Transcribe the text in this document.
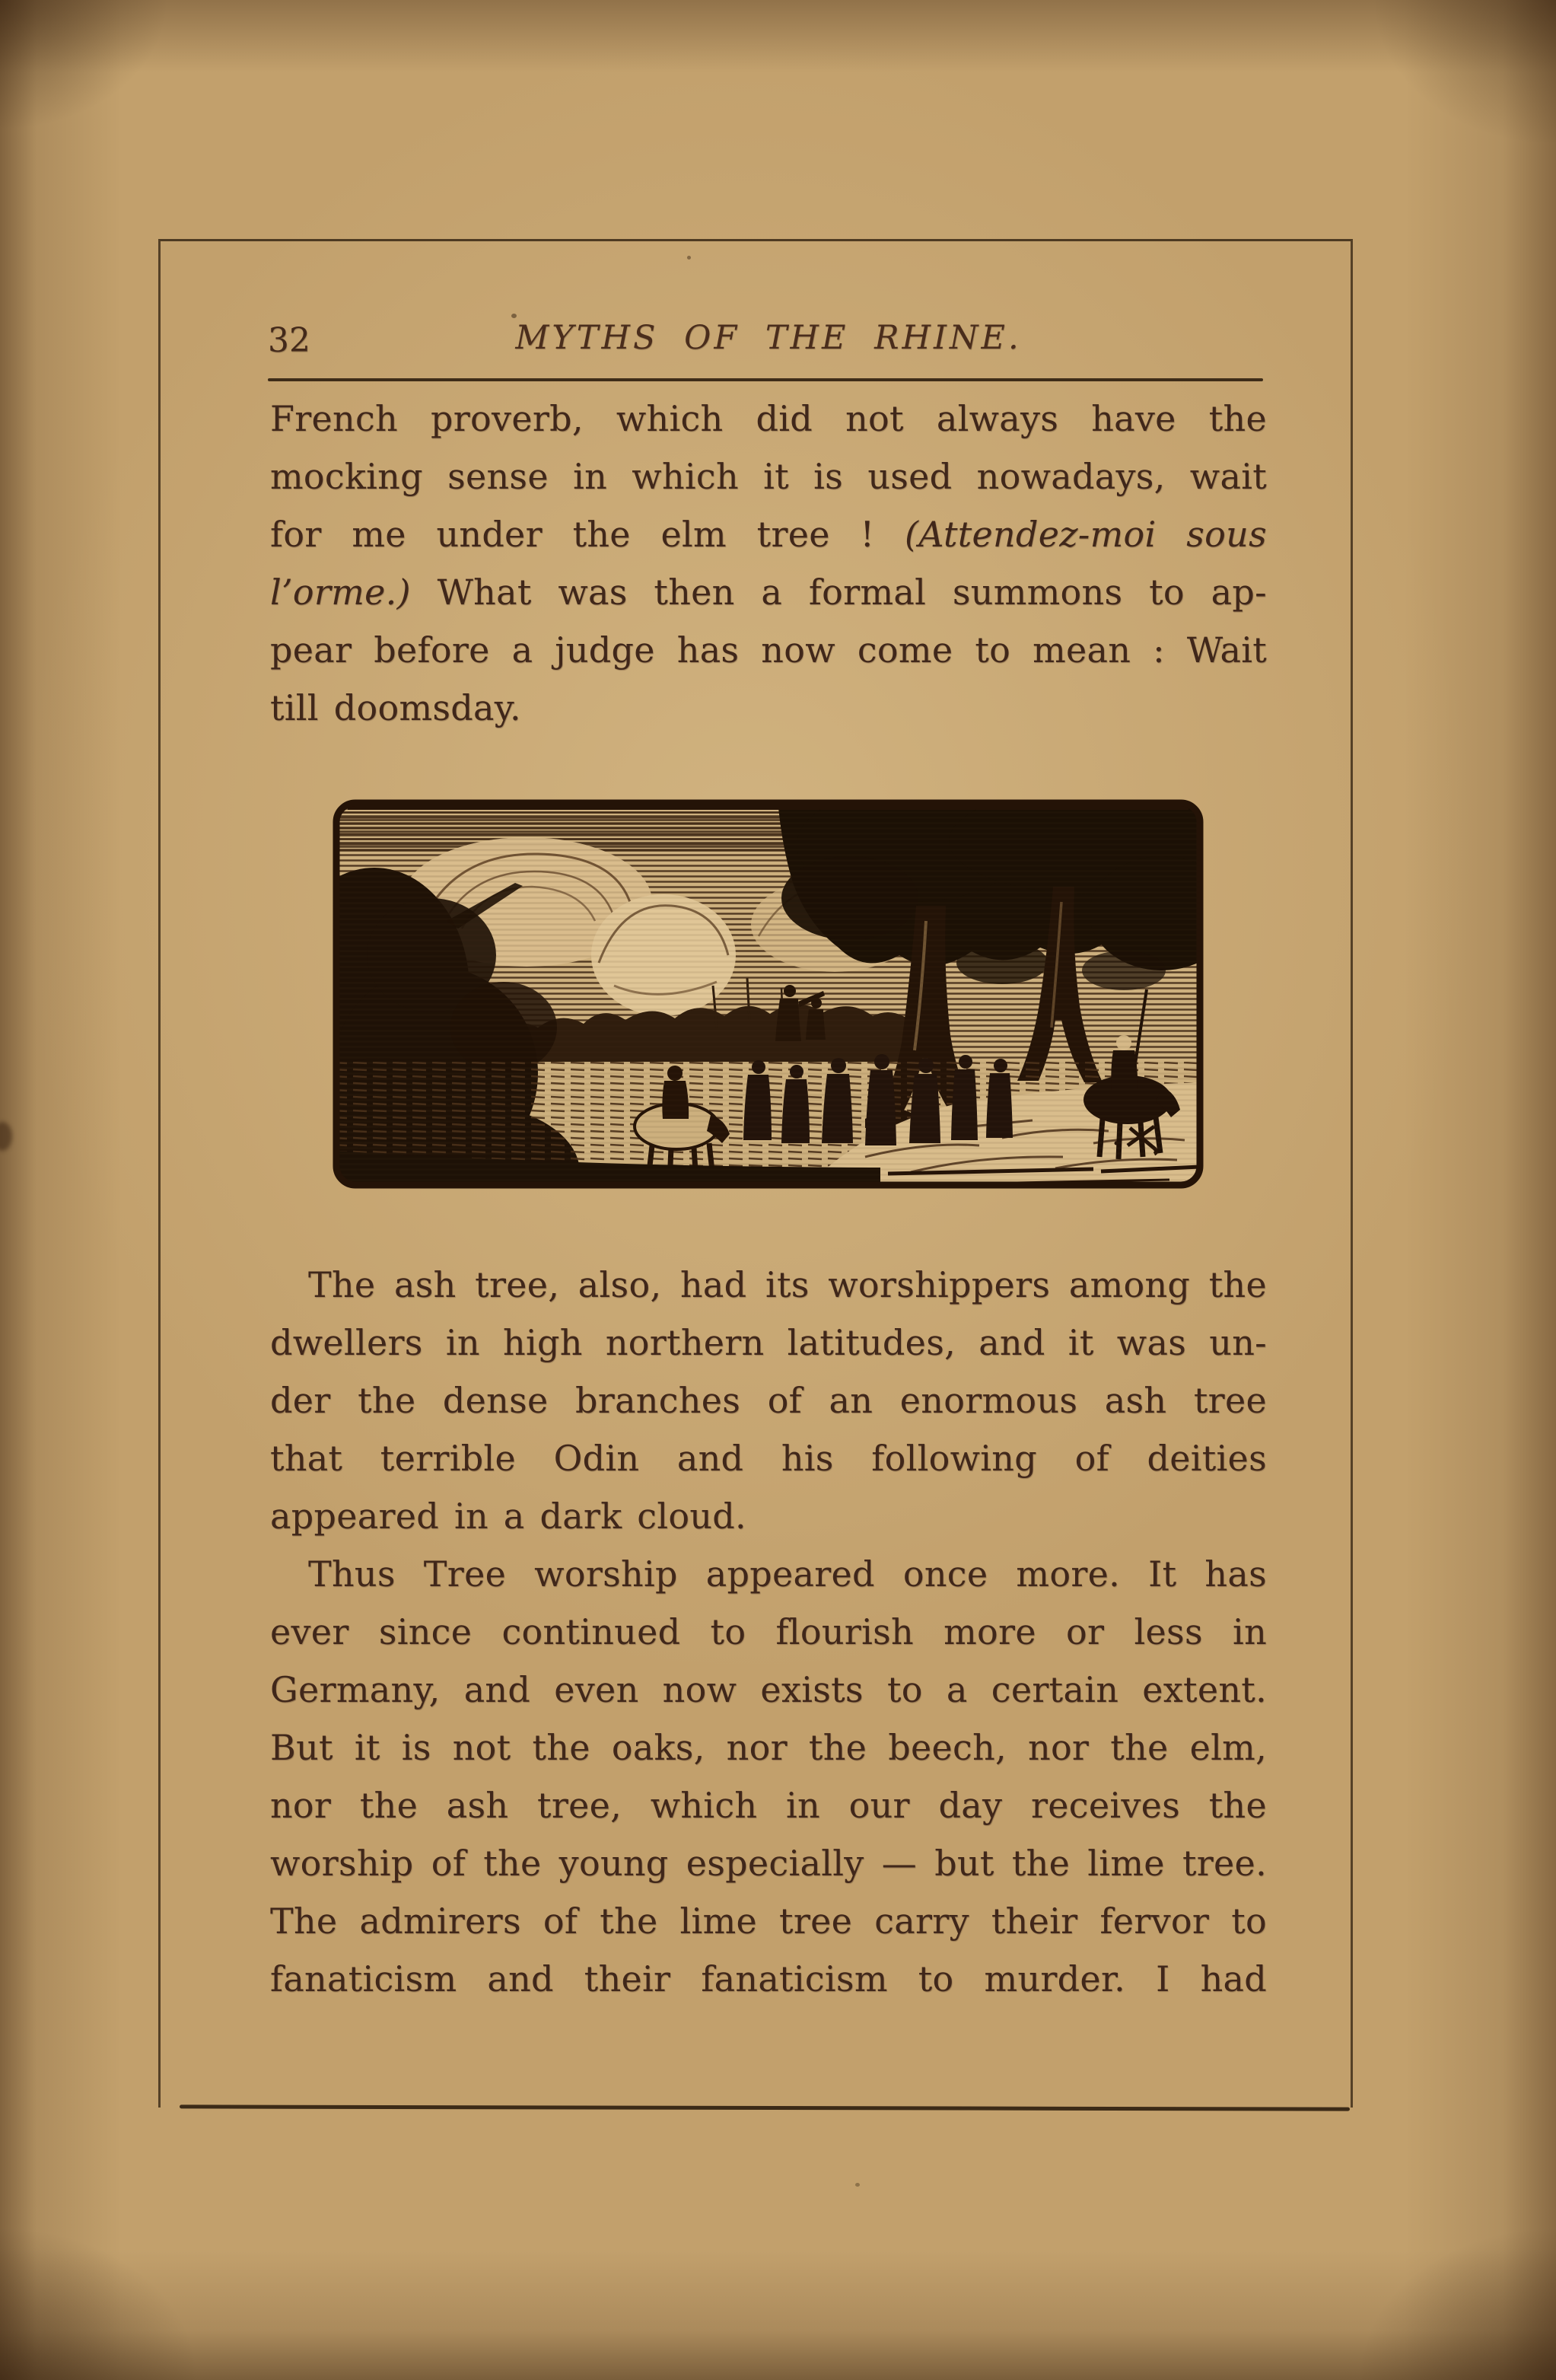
32	MYTHS OF THE RHINE.
French proverb, which did not always have the
mocking sense in which it is used nowadays, wait
for me under the elm tree ! (Attendez-moi sous
l’orme.) What was then a formal summons to ap-
pear before a judge has now come to mean : Wait
till doomsday.
The ash tree, also, had its worshippers among the
dwellers in high northern latitudes, and it was un-
der the dense branches of an enormous ash tree
that terrible Odin and his following of deities
appeared in a dark cloud.
Thus Tree worship appeared once more. It has
ever since continued to flourish more or less in
Germany, and even now exists to a certain extent.
But it is not the oaks, nor the beech, nor the elm,
nor the ash tree, which in our day receives the
worship of the young especially — but the lime tree.
The admirers of the lime tree carry their fervor to
fanaticism and their fanaticism to murder. I had
